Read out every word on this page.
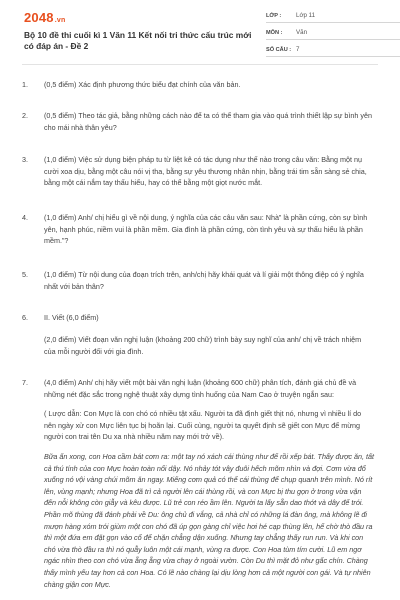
2048.vn
Bộ 10 đề thi cuối kì 1 Văn 11 Kết nối tri thức cấu trúc mới có đáp án - Đề 2
LỚP :	Lớp 11
MÔN :	Văn
SỐ CÂU : 7
1. (0,5 điểm) Xác định phương thức biểu đạt chính của văn bản.
2. (0,5 điểm) Theo tác giả, bằng những cách nào để ta có thể tham gia vào quá trình thiết lập sự bình yên cho mái nhà thân yêu?
3. (1,0 điểm) Việc sử dụng biện pháp tu từ liệt kê có tác dụng như thế nào trong câu văn: Bằng một nụ cười xoa dịu, bằng một câu nói vị tha, bằng sự yêu thương nhân nhịn, bằng trái tim sẵn sàng sẻ chia, bằng một cái nắm tay thấu hiểu, hay có thể bằng một giọt nước mắt.
4. (1,0 điểm) Anh/ chị hiểu gì về nội dung, ý nghĩa của các câu văn sau: Nhà” là phần cứng, còn sự bình yên, hạnh phúc, niềm vui là phần mềm. Gia đình là phần cứng, còn tình yêu và sự thấu hiểu là phần mềm.”?
5. (1,0 điểm) Từ nội dung của đoạn trích trên, anh/chị hãy khái quát và lí giải một thông điệp có ý nghĩa nhất với bản thân?
6. II. Viết (6,0 điểm)
(2,0 điểm) Viết đoạn văn nghị luận (khoảng 200 chữ) trình bày suy nghĩ của anh/ chị về trách nhiệm của mỗi người đối với gia đình.
7. (4,0 điểm) Anh/ chị hãy viết một bài văn nghị luận (khoảng 600 chữ) phân tích, đánh giá chủ đề và những nét đặc sắc trong nghệ thuật xây dựng tình huống của Nam Cao ở truyện ngắn sau:
( Lược dẫn: Con Mực là con chó có nhiều tật xấu. Người ta đã định giết thịt nó, nhưng vì nhiều lí do nên ngày xử con Mực liên tục bị hoãn lại. Cuối cùng, người ta quyết định sẽ giết con Mực để mừng người con trai tên Du xa nhà nhiều năm nay mới trở về).
Bữa ấn xong, con Hoa cầm bát cơm ra: một tay nó xách cái thùng như để rồi xếp bát. Thấy được ăn, tất cả thú tính của con Mực hoàn toàn nổi dậy. Nó nhảy tót vây đuôi hếch mõm nhìn và đợi. Cơm vừa đổ xuống nó vội vàng chúi mõm ăn ngay. Miếng cơm quả có thể cái thùng để chụp quanh trên mình. Nó rít lên, vùng mạnh; nhưng Hoa đã trì cả người lên cái thùng rồi, và con Mực bị thu gọn ở trong vừa vặn đến nỗi không còn giẫy và kêu được. Lũ trẻ con réo ầm lên. Người ta lấy sẵn dao thớt và dây để trói. Phần mõ thùng đã đánh phải về Du: ông chủ đi vắng, cả nhà chỉ có những lá đàn ông, mà không lẽ đi mượn hàng xóm trói giùm một con chó đã úp gọn gàng chỉ việc hơi hé cạp thùng lên, hể chờ thò đầu ra thì một đứa em đặt gọn vào cổ để chặn chẳng dận xuống. Nhưng tay chẳng thấy run run. Và khi con chó vừa thò đầu ra thì nó quẫy luôn một cái mạnh, vùng ra được. Con Hoa tùm tím cười. Lũ em ngơ ngác nhìn theo con chó vừa ẵng ẵng vừa chạy ở ngoài vườn. Còn Du thì mặt đỏ như gấc chín. Chàng thấy mình yếu tay hơn cả con Hoa. Có lẽ nào chàng lại dịu lòng hơn cả một người con gái. Và tự nhiên chàng giận con Mực.
